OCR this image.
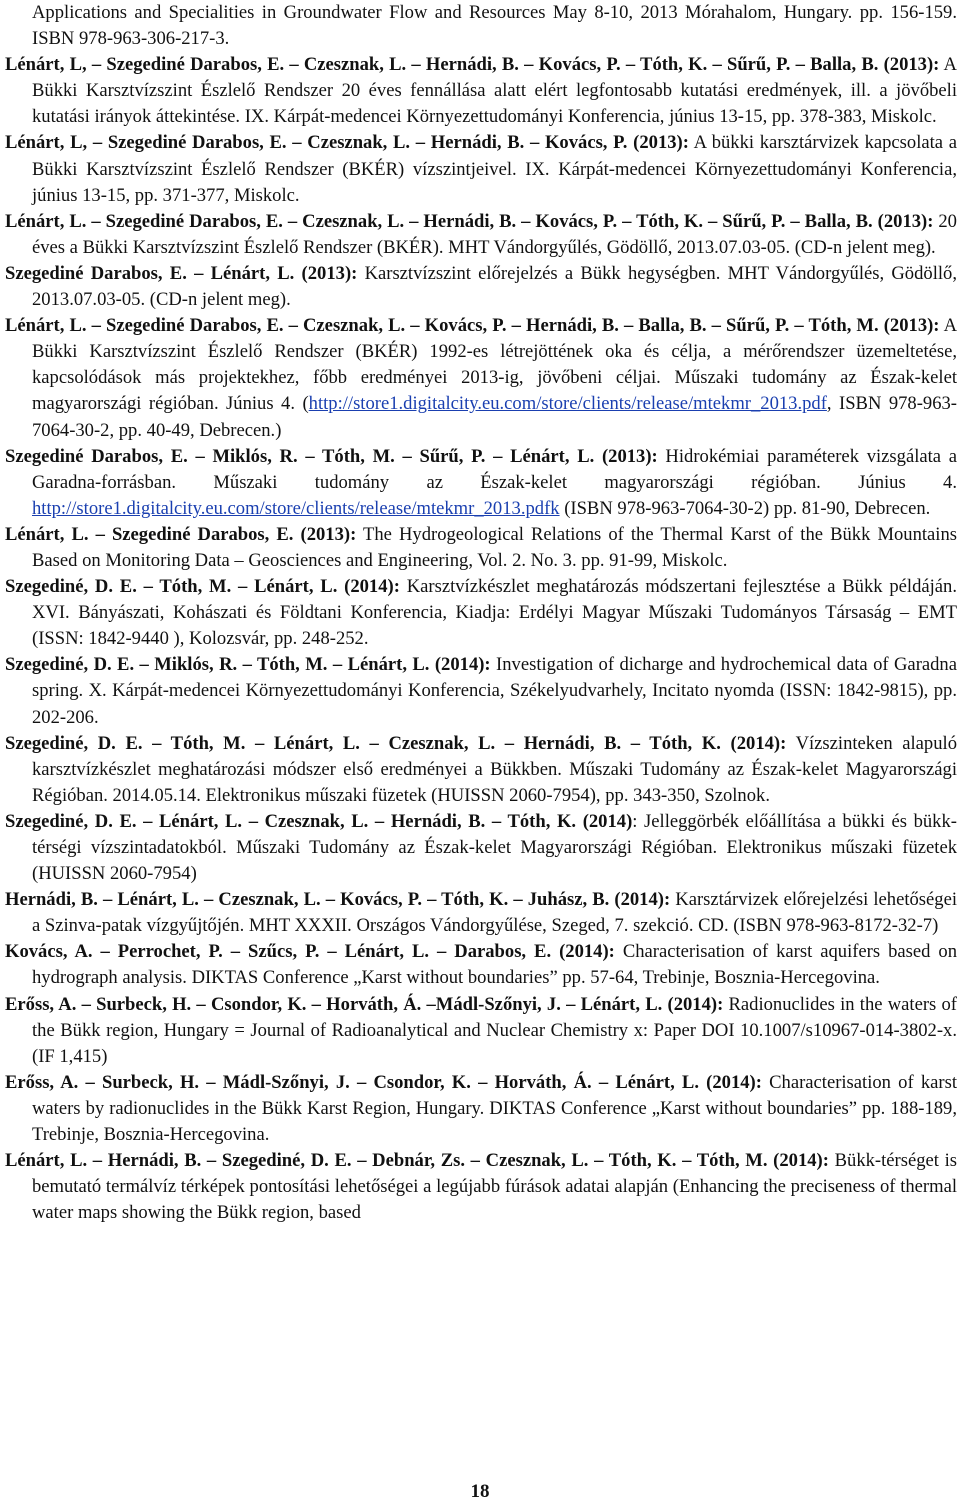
Applications and Specialities in Groundwater Flow and Resources May 8-10, 2013 Mórahalom, Hungary. pp. 156-159. ISBN 978-963-306-217-3.

Lénárt, L, – Szegediné Darabos, E. – Czesznak, L. – Hernádi, B. – Kovács, P. – Tóth, K. – Sűrű, P. – Balla, B. (2013): A Bükki Karsztvízszint Észlelő Rendszer 20 éves fennállása alatt elért legfontosabb kutatási eredmények, ill. a jövőbeli kutatási irányok áttekintése. IX. Kárpát-medencei Környezettudományi Konferencia, június 13-15, pp. 378-383, Miskolc.

Lénárt, L, – Szegediné Darabos, E. – Czesznak, L. – Hernádi, B. – Kovács, P. (2013): A bükki karsztárvizek kapcsolata a Bükki Karsztvízszint Észlelő Rendszer (BKÉR) vízszintjeivel. IX. Kárpát-medencei Környezettudományi Konferencia, június 13-15, pp. 371-377, Miskolc.

Lénárt, L. – Szegediné Darabos, E. – Czesznak, L. – Hernádi, B. – Kovács, P. – Tóth, K. – Sűrű, P. – Balla, B. (2013): 20 éves a Bükki Karsztvízszint Észlelő Rendszer (BKÉR). MHT Vándorgyűlés, Gödöllő, 2013.07.03-05. (CD-n jelent meg).

Szegediné Darabos, E. – Lénárt, L. (2013): Karsztvízszint előrejelzés a Bükk hegységben. MHT Vándorgyűlés, Gödöllő, 2013.07.03-05. (CD-n jelent meg).

Lénárt, L. – Szegediné Darabos, E. – Czesznak, L. – Kovács, P. – Hernádi, B. – Balla, B. – Sűrű, P. – Tóth, M. (2013): A Bükki Karsztvízszint Észlelő Rendszer (BKÉR) 1992-es létrejöttének oka és célja, a mérőrendszer üzemeltetése, kapcsolódások más projektekhez, főbb eredményei 2013-ig, jövőbeni céljai. Műszaki tudomány az Észak-kelet magyarországi régióban. Június 4. (http://store1.digitalcity.eu.com/store/clients/release/mtekmr_2013.pdf, ISBN 978-963-7064-30-2, pp. 40-49, Debrecen.)

Szegediné Darabos, E. – Miklós, R. – Tóth, M. – Sűrű, P. – Lénárt, L. (2013): Hidrokémiai paraméterek vizsgálata a Garadna-forrásban. Műszaki tudomány az Észak-kelet magyarországi régióban. Június 4. http://store1.digitalcity.eu.com/store/clients/release/mtekmr_2013.pdfk (ISBN 978-963-7064-30-2) pp. 81-90, Debrecen.

Lénárt, L. – Szegediné Darabos, E. (2013): The Hydrogeological Relations of the Thermal Karst of the Bükk Mountains Based on Monitoring Data – Geosciences and Engineering, Vol. 2. No. 3. pp. 91-99, Miskolc.

Szegediné, D. E. – Tóth, M. – Lénárt, L. (2014): Karsztvízkészlet meghatározás módszertani fejlesztése a Bükk példáján. XVI. Bányászati, Kohászati és Földtani Konferencia, Kiadja: Erdélyi Magyar Műszaki Tudományos Társaság – EMT (ISSN: 1842-9440 ), Kolozsvár, pp. 248-252.

Szegediné, D. E. – Miklós, R. – Tóth, M. – Lénárt, L. (2014): Investigation of dicharge and hydrochemical data of Garadna spring. X. Kárpát-medencei Környezettudományi Konferencia, Székelyudvarhely, Incitato nyomda (ISSN: 1842-9815), pp. 202-206.

Szegediné, D. E. – Tóth, M. – Lénárt, L. – Czesznak, L. – Hernádi, B. – Tóth, K. (2014): Vízszinteken alapuló karsztvízkészlet meghatározási módszer első eredményei a Bükkben. Műszaki Tudomány az Észak-kelet Magyarországi Régióban. 2014.05.14. Elektronikus műszaki füzetek (HUISSN 2060-7954), pp. 343-350, Szolnok.

Szegediné, D. E. – Lénárt, L. – Czesznak, L. – Hernádi, B. – Tóth, K. (2014): Jelleggörbék előállítása a bükki és bükk-térségi vízszintadatokból. Műszaki Tudomány az Észak-kelet Magyarországi Régióban. Elektronikus műszaki füzetek (HUISSN 2060-7954)

Hernádi, B. – Lénárt, L. – Czesznak, L. – Kovács, P. – Tóth, K. – Juhász, B. (2014): Karsztárvizek előrejelzési lehetőségei a Szinva-patak vízgyűjtőjén. MHT XXXII. Országos Vándorgyűlése, Szeged, 7. szekció. CD. (ISBN 978-963-8172-32-7)

Kovács, A. – Perrochet, P. – Szűcs, P. – Lénárt, L. – Darabos, E. (2014): Characterisation of karst aquifers based on hydrograph analysis. DIKTAS Conference „Karst without boundaries” pp. 57-64, Trebinje, Bosznia-Hercegovina.

Erőss, A. – Surbeck, H. – Csondor, K. – Horváth, Á. –Mádl-Szőnyi, J. – Lénárt, L. (2014): Radionuclides in the waters of the Bükk region, Hungary = Journal of Radioanalytical and Nuclear Chemistry x: Paper DOI 10.1007/s10967-014-3802-x. (IF 1,415)

Erőss, A. – Surbeck, H. – Mádl-Szőnyi, J. – Csondor, K. – Horváth, Á. – Lénárt, L. (2014): Characterisation of karst waters by radionuclides in the Bükk Karst Region, Hungary. DIKTAS Conference „Karst without boundaries” pp. 188-189, Trebinje, Bosznia-Hercegovina.

Lénárt, L. – Hernádi, B. – Szegediné, D. E. – Debnár, Zs. – Czesznak, L. – Tóth, K. – Tóth, M. (2014): Bükk-térséget is bemutató termálvíz térképek pontosítási lehetőségei a legújabb fúrások adatai alapján (Enhancing the preciseness of thermal water maps showing the Bükk region, based

18
